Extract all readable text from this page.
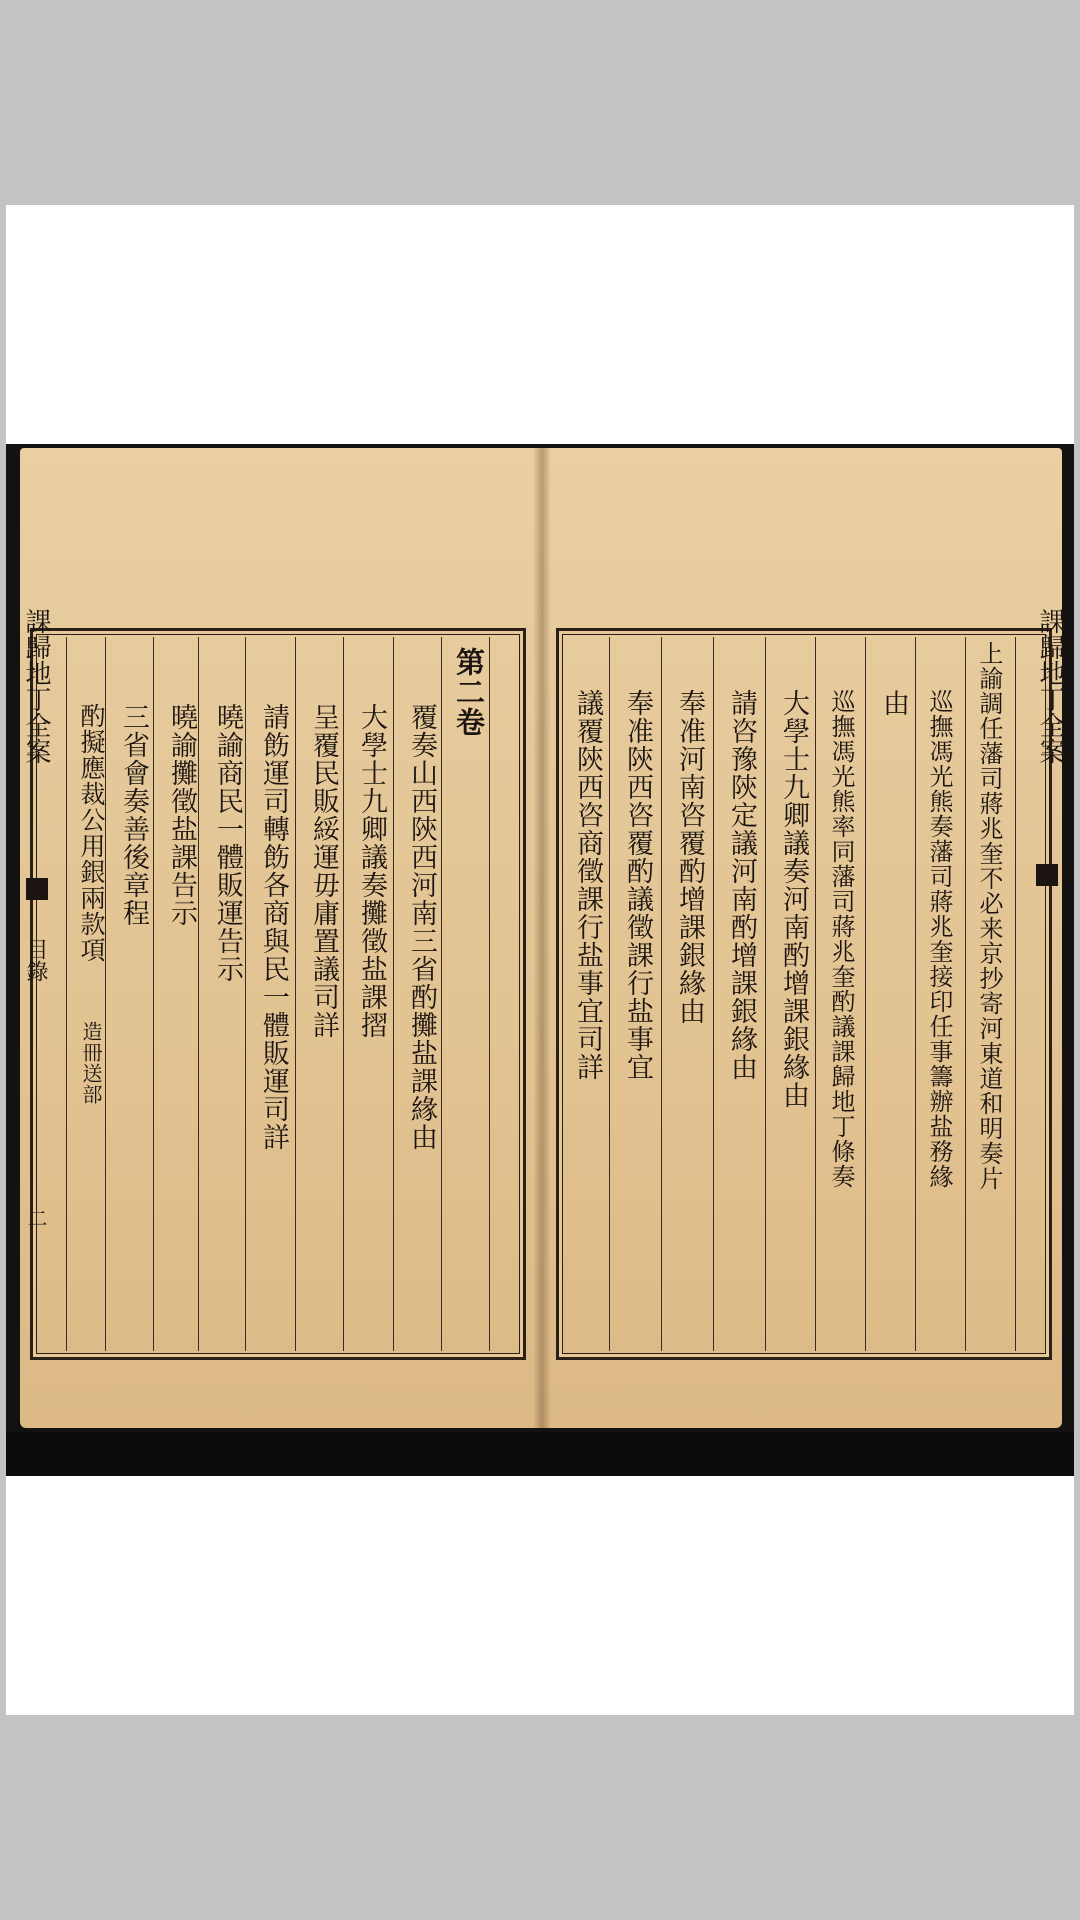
第二卷
覆奏山西陝西河南三省酌攤盐課緣由
大學士九卿議奏攤徵盐課摺
呈覆民販綏運毋庸置議司詳
請飭運司轉飭各商與民一體販運司詳
曉諭商民一體販運告示
曉諭攤徵盐課告示
三省會奏善後章程
酌擬應裁公用銀兩款項
造冊送部
課歸地丁全案
目錄
二
上諭調任藩司蔣兆奎不必来京抄寄河東道和明奏片
巡撫馮光熊奏藩司蔣兆奎接印任事籌辦盐務緣
由
巡撫馮光熊率同藩司蔣兆奎酌議課歸地丁條奏
大學士九卿議奏河南酌增課銀緣由
請咨豫陝定議河南酌增課銀緣由
奉准河南咨覆酌增課銀緣由
奉准陝西咨覆酌議徵課行盐事宜
議覆陝西咨商徵課行盐事宜司詳
課歸地丁全案
